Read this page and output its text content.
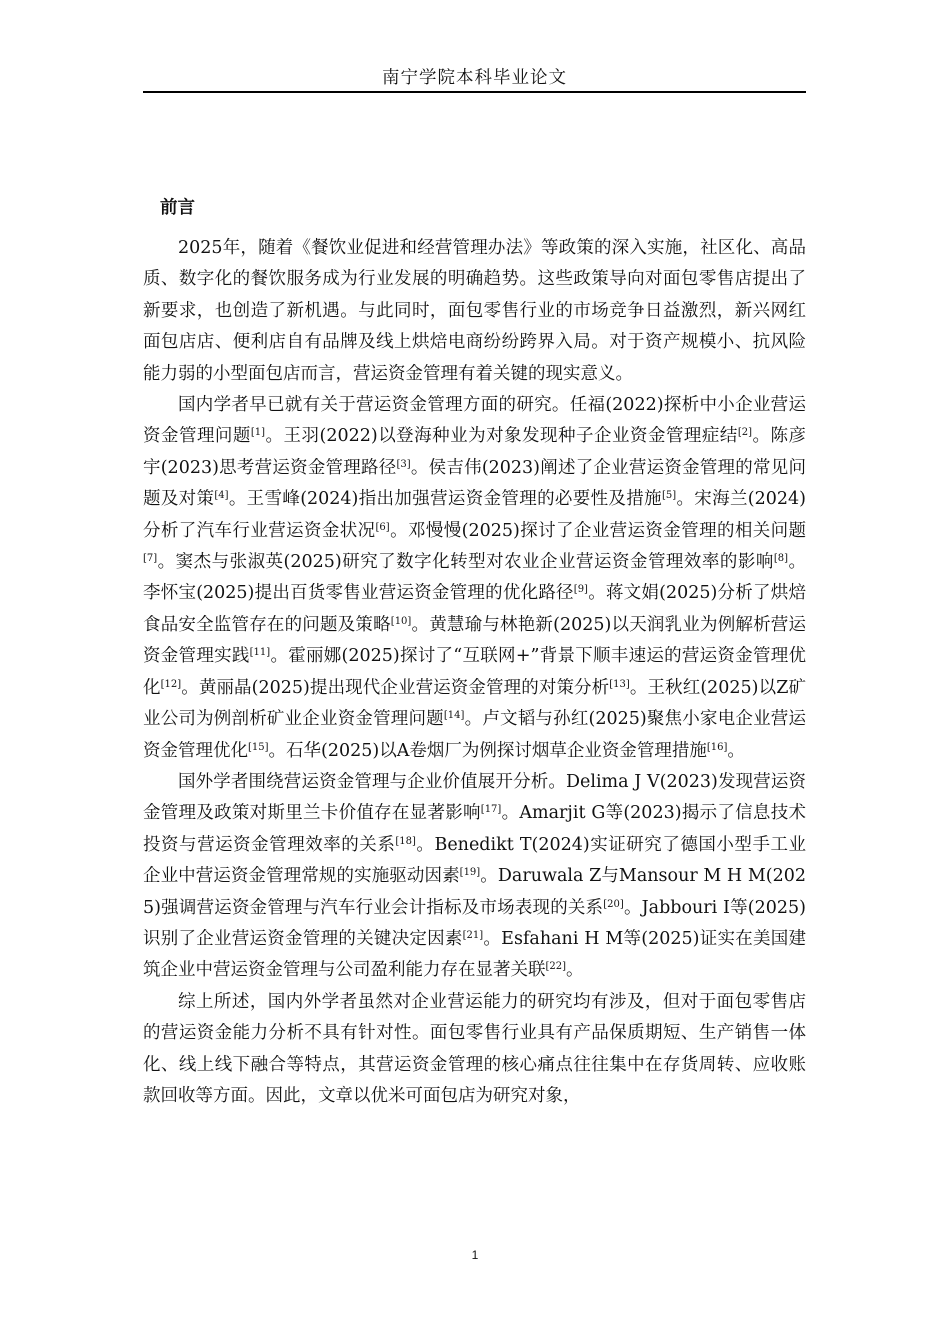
南宁学院本科毕业论文
前言

2025年，随着《餐饮业促进和经营管理办法》等政策的深入实施，社区化、高品质、数字化的餐饮服务成为行业发展的明确趋势。这些政策导向对面包零售店提出了新要求，也创造了新机遇。与此同时，面包零售行业的市场竞争日益激烈，新兴网红面包店店、便利店自有品牌及线上烘焙电商纷纷跨界入局。对于资产规模小、抗风险能力弱的小型面包店而言，营运资金管理有着关键的现实意义。

国内学者早已就有关于营运资金管理方面的研究。任福(2022)探析中小企业营运资金管理问题[1]。王羽(2022)以登海种业为对象发现种子企业资金管理症结[2]。陈彦宇(2023)思考营运资金管理路径[3]。侯吉伟(2023)阐述了企业营运资金管理的常见问题及对策[4]。王雪峰(2024)指出加强营运资金管理的必要性及措施[5]。宋海兰(2024)分析了汽车行业营运资金状况[6]。邓慢慢(2025)探讨了企业营运资金管理的相关问题[7]。窦杰与张淑英(2025)研究了数字化转型对农业企业营运资金管理效率的影响[8]。李怀宝(2025)提出百货零售业营运资金管理的优化路径[9]。蒋文娟(2025)分析了烘焙食品安全监管存在的问题及策略[10]。黄慧瑜与林艳新(2025)以天润乳业为例解析营运资金管理实践[11]。霍丽娜(2025)探讨了“互联网+”背景下顺丰速运的营运资金管理优化[12]。黄丽晶(2025)提出现代企业营运资金管理的对策分析[13]。王秋红(2025)以Z矿业公司为例剖析矿业企业资金管理问题[14]。卢文韬与孙红(2025)聚焦小家电企业营运资金管理优化[15]。石华(2025)以A卷烟厂为例探讨烟草企业资金管理措施[16]。

国外学者围绕营运资金管理与企业价值展开分析。Delima J V(2023)发现营运资金管理及政策对斯里兰卡价值存在显著影响[17]。Amarjit G等(2023)揭示了信息技术投资与营运资金管理效率的关系[18]。Benedikt T(2024)实证研究了德国小型手工业企业中营运资金管理常规的实施驱动因素[19]。Daruwala Z与Mansour M H M(2025)强调营运资金管理与汽车行业会计指标及市场表现的关系[20]。Jabbouri I等(2025)识别了企业营运资金管理的关键决定因素[21]。Esfahani H M等(2025)证实在美国建筑企业中营运资金管理与公司盈利能力存在显著关联[22]。

综上所述，国内外学者虽然对企业营运能力的研究均有涉及，但对于面包零售店的营运资金能力分析不具有针对性。面包零售行业具有产品保质期短、生产销售一体化、线上线下融合等特点，其营运资金管理的核心痛点往往集中在存货周转、应收账款回收等方面。因此，文章以优米可面包店为研究对象，

1
